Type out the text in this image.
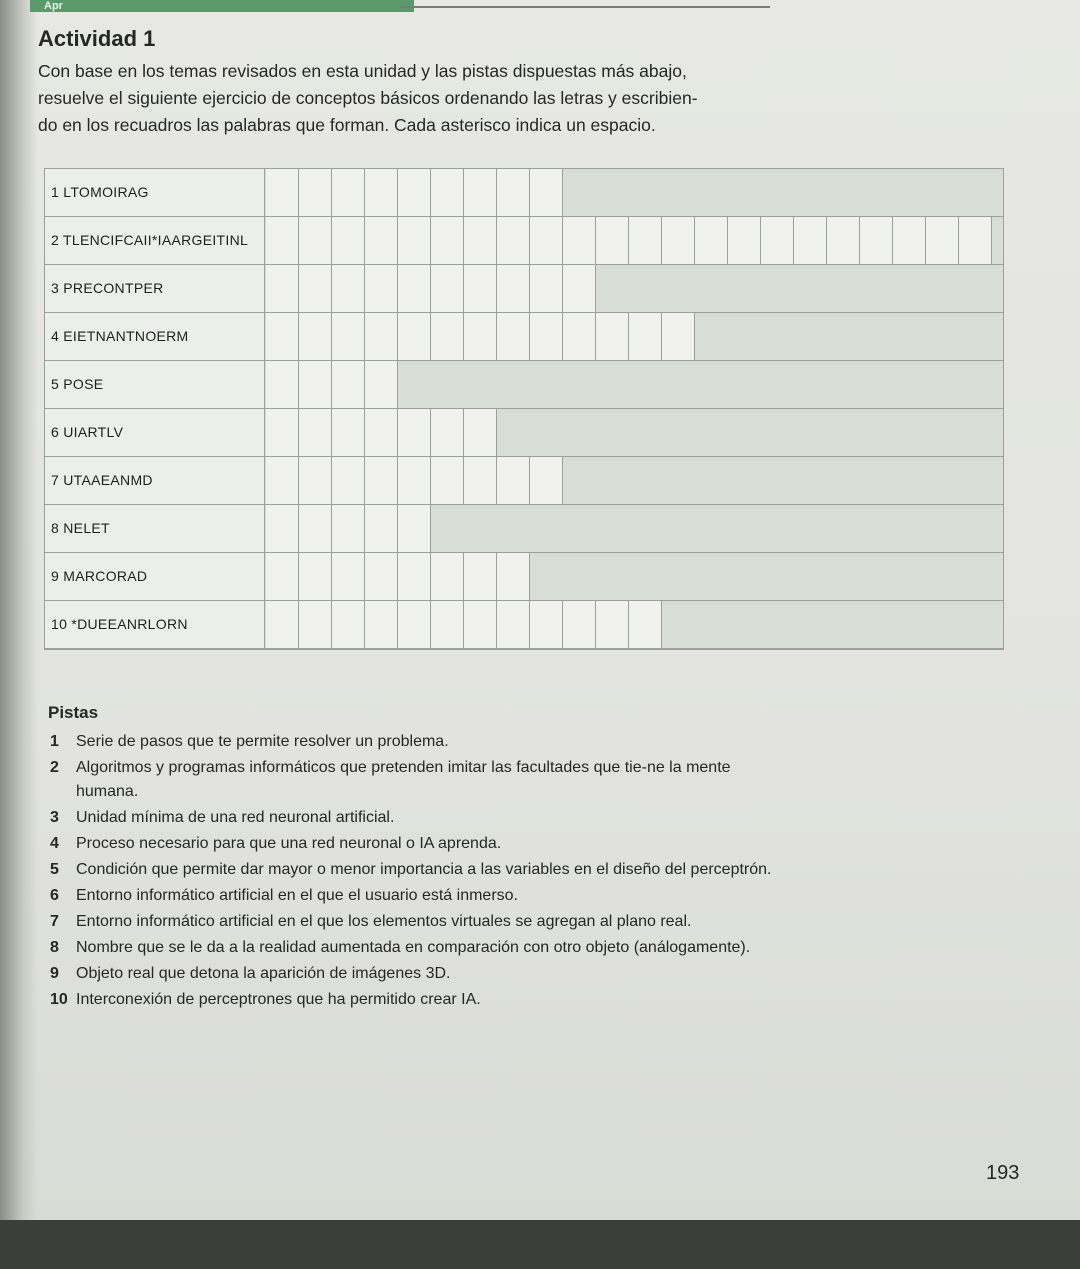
Apr
Actividad 1
Con base en los temas revisados en esta unidad y las pistas dispuestas más abajo,
resuelve el siguiente ejercicio de conceptos básicos ordenando las letras y escribien-
do en los recuadros las palabras que forman. Cada asterisco indica un espacio.
1 LTOMOIRAG
2 TLENCIFCAII*IAARGEITINL
3 PRECONTPER
4 EIETNANTNOERM
5 POSE
6 UIARTLV
7 UTAAEANMD
8 NELET
9 MARCORAD
10 *DUEEANRLORN
Pistas
1 Serie de pasos que te permite resolver un problema.
2 Algoritmos y programas informáticos que pretenden imitar las facultades que tie-ne la mente humana.
3 Unidad mínima de una red neuronal artificial.
4 Proceso necesario para que una red neuronal o IA aprenda.
5 Condición que permite dar mayor o menor importancia a las variables en el diseño del perceptrón.
6 Entorno informático artificial en el que el usuario está inmerso.
7 Entorno informático artificial en el que los elementos virtuales se agregan al plano real.
8 Nombre que se le da a la realidad aumentada en comparación con otro objeto (análogamente).
9 Objeto real que detona la aparición de imágenes 3D.
10 Interconexión de perceptrones que ha permitido crear IA.
193
